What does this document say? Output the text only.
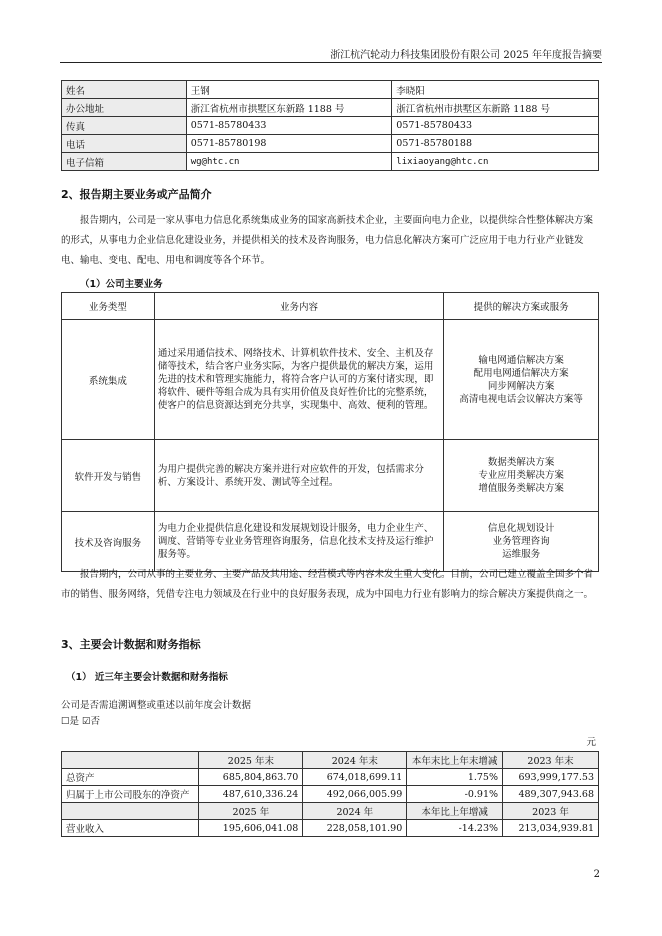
浙江杭汽轮动力科技集团股份有限公司 2025 年年度报告摘要
姓名	王钢	李晓阳
办公地址	浙江省杭州市拱墅区东新路 1188 号	浙江省杭州市拱墅区东新路 1188 号
传真	0571-85780433	0571-85780433
电话	0571-85780198	0571-85780188
电子信箱	wg@htc.cn	lixiaoyang@htc.cn
2、报告期主要业务或产品简介
报告期内，公司是一家从事电力信息化系统集成业务的国家高新技术企业，主要面向电力企业，以提供综合性整体解决方案的形式，从事电力企业信息化建设业务，并提供相关的技术及咨询服务，电力信息化解决方案可广泛应用于电力行业产业链发电、输电、变电、配电、用电和调度等各个环节。
（1）公司主要业务
业务类型	业务内容	提供的解决方案或服务
系统集成	通过采用通信技术、网络技术、计算机软件技术、安全、主机及存储等技术，结合客户业务实际，为客户提供最优的解决方案，运用先进的技术和管理实施能力，将符合客户认可的方案付诸实现，即将软件、硬件等组合成为具有实用价值及良好性价比的完整系统，使客户的信息资源达到充分共享，实现集中、高效、便利的管理。	输电网通信解决方案
配用电网通信解决方案
同步网解决方案
高清电视电话会议解决方案等

软件开发与销售	为用户提供完善的解决方案并进行对应软件的开发，包括需求分析、方案设计、系统开发、测试等全过程。	数据类解决方案
专业应用类解决方案
增值服务类解决方案

技术及咨询服务	为电力企业提供信息化建设和发展规划设计服务，电力企业生产、调度、营销等专业业务管理咨询服务，信息化技术支持及运行维护服务等。	信息化规划设计
业务管理咨询
运维服务
报告期内，公司从事的主要业务、主要产品及其用途、经营模式等内容未发生重大变化。目前，公司已建立覆盖全国多个省市的销售、服务网络，凭借专注电力领域及在行业中的良好服务表现，成为中国电力行业有影响力的综合解决方案提供商之一。
3、主要会计数据和财务指标
（1） 近三年主要会计数据和财务指标
公司是否需追溯调整或重述以前年度会计数据
☐是 ☑否
元
	2025 年末	2024 年末	本年末比上年末增减	2023 年末
总资产	685,804,863.70	674,018,699.11	1.75%	693,999,177.53
归属于上市公司股东的净资产	487,610,336.24	492,066,005.99	-0.91%	489,307,943.68
	2025 年	2024 年	本年比上年增减	2023 年
营业收入	195,606,041.08	228,058,101.90	-14.23%	213,034,939.81
2
